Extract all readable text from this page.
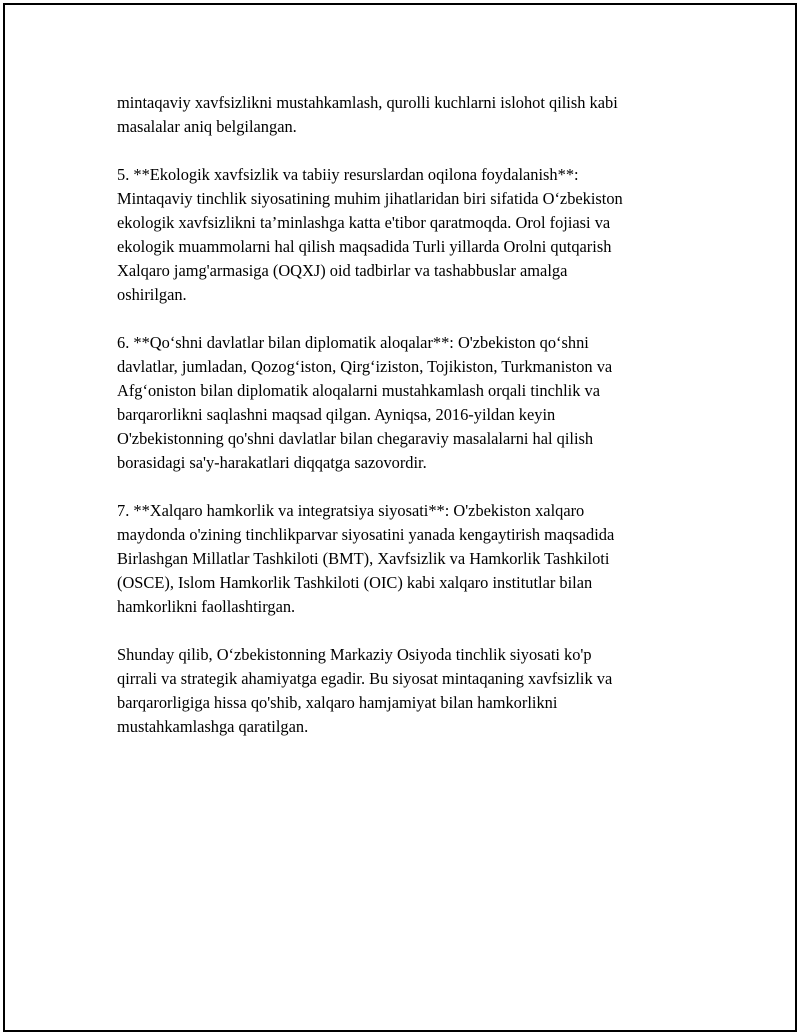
mintaqaviy xavfsizlikni mustahkamlash, qurolli kuchlarni islohot qilish kabi
masalalar aniq belgilangan.

5. **Ekologik xavfsizlik va tabiiy resurslardan oqilona foydalanish**:
Mintaqaviy tinchlik siyosatining muhim jihatlaridan biri sifatida O‘zbekiston
ekologik xavfsizlikni ta’minlashga katta e'tibor qaratmoqda. Orol fojiasi va
ekologik muammolarni hal qilish maqsadida Turli yillarda Orolni qutqarish
Xalqaro jamg'armasiga (OQXJ) oid tadbirlar va tashabbuslar amalga
oshirilgan.

6. **Qo‘shni davlatlar bilan diplomatik aloqalar**: O'zbekiston qo‘shni
davlatlar, jumladan, Qozog‘iston, Qirg‘iziston, Tojikiston, Turkmaniston va
Afg‘oniston bilan diplomatik aloqalarni mustahkamlash orqali tinchlik va
barqarorlikni saqlashni maqsad qilgan. Ayniqsa, 2016-yildan keyin
O'zbekistonning qo'shni davlatlar bilan chegaraviy masalalarni hal qilish
borasidagi sa'y-harakatlari diqqatga sazovordir.

7. **Xalqaro hamkorlik va integratsiya siyosati**: O'zbekiston xalqaro
maydonda o'zining tinchlikparvar siyosatini yanada kengaytirish maqsadida
Birlashgan Millatlar Tashkiloti (BMT), Xavfsizlik va Hamkorlik Tashkiloti
(OSCE), Islom Hamkorlik Tashkiloti (OIC) kabi xalqaro institutlar bilan
hamkorlikni faollashtirgan.

Shunday qilib, O‘zbekistonning Markaziy Osiyoda tinchlik siyosati ko'p
qirrali va strategik ahamiyatga egadir. Bu siyosat mintaqaning xavfsizlik va
barqarorligiga hissa qo'shib, xalqaro hamjamiyat bilan hamkorlikni
mustahkamlashga qaratilgan.
